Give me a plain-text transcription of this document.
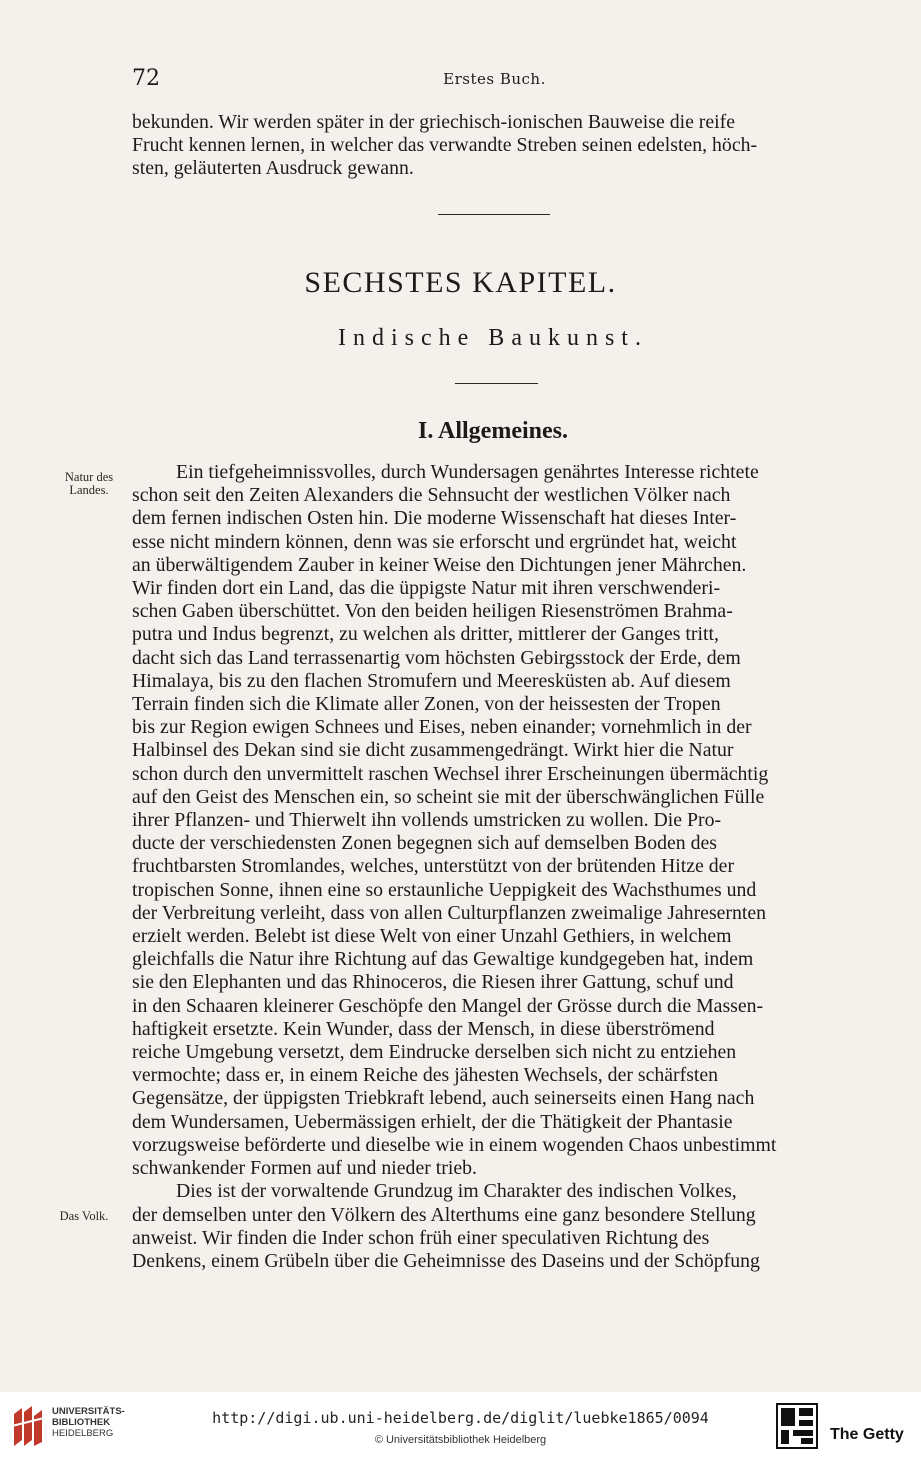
72	Erstes Buch.

bekunden. Wir werden später in der griechisch-ionischen Bauweise die reife

Frucht kennen lernen, in welcher das verwandte Streben seinen edelsten, höch-

sten, geläuterten Ausdruck gewann.

SECHSTES KAPITEL.
Indische Baukunst.
I. Allgemeines.
Natur des Landes.
Das Volk.

Ein tiefgeheimnissvolles, durch Wundersagen genährtes Interesse richtete

schon seit den Zeiten Alexanders die Sehnsucht der westlichen Völker nach

dem fernen indischen Osten hin. Die moderne Wissenschaft hat dieses Inter-

esse nicht mindern können, denn was sie erforscht und ergründet hat, weicht

an überwältigendem Zauber in keiner Weise den Dichtungen jener Mährchen.

Wir finden dort ein Land, das die üppigste Natur mit ihren verschwenderi-

schen Gaben überschüttet. Von den beiden heiligen Riesenströmen Brahma-

putra und Indus begrenzt, zu welchen als dritter, mittlerer der Ganges tritt,

dacht sich das Land terrassenartig vom höchsten Gebirgsstock der Erde, dem

Himalaya, bis zu den flachen Stromufern und Meeresküsten ab. Auf diesem

Terrain finden sich die Klimate aller Zonen, von der heissesten der Tropen

bis zur Region ewigen Schnees und Eises, neben einander; vornehmlich in der

Halbinsel des Dekan sind sie dicht zusammengedrängt. Wirkt hier die Natur

schon durch den unvermittelt raschen Wechsel ihrer Erscheinungen übermächtig

auf den Geist des Menschen ein, so scheint sie mit der überschwänglichen Fülle

ihrer Pflanzen- und Thierwelt ihn vollends umstricken zu wollen. Die Pro-

ducte der verschiedensten Zonen begegnen sich auf demselben Boden des

fruchtbarsten Stromlandes, welches, unterstützt von der brütenden Hitze der

tropischen Sonne, ihnen eine so erstaunliche Ueppigkeit des Wachsthumes und

der Verbreitung verleiht, dass von allen Culturpflanzen zweimalige Jahresernten

erzielt werden. Belebt ist diese Welt von einer Unzahl Gethiers, in welchem

gleichfalls die Natur ihre Richtung auf das Gewaltige kundgegeben hat, indem

sie den Elephanten und das Rhinoceros, die Riesen ihrer Gattung, schuf und

in den Schaaren kleinerer Geschöpfe den Mangel der Grösse durch die Massen-

haftigkeit ersetzte. Kein Wunder, dass der Mensch, in diese überströmend

reiche Umgebung versetzt, dem Eindrucke derselben sich nicht zu entziehen

vermochte; dass er, in einem Reiche des jähesten Wechsels, der schärfsten

Gegensätze, der üppigsten Triebkraft lebend, auch seinerseits einen Hang nach

dem Wundersamen, Uebermässigen erhielt, der die Thätigkeit der Phantasie

vorzugsweise beförderte und dieselbe wie in einem wogenden Chaos unbestimmt

schwankender Formen auf und nieder trieb.

Dies ist der vorwaltende Grundzug im Charakter des indischen Volkes,

der demselben unter den Völkern des Alterthums eine ganz besondere Stellung

anweist. Wir finden die Inder schon früh einer speculativen Richtung des

Denkens, einem Grübeln über die Geheimnisse des Daseins und der Schöpfung

UNIVERSITÄTS-
BIBLIOTHEK
HEIDELBERG
http://digi.ub.uni-heidelberg.de/diglit/luebke1865/0094
© Universitätsbibliothek Heidelberg	The Getty
